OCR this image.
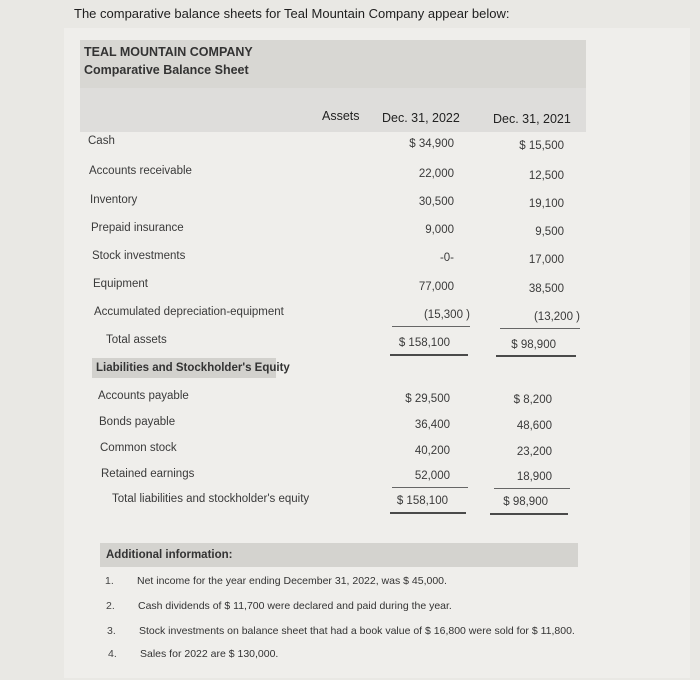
The comparative balance sheets for Teal Mountain Company appear below:
TEAL MOUNTAIN COMPANY
Comparative Balance Sheet
Assets Dec. 31, 2022	Dec. 31, 2021
Cash	$ 34,900	$ 15,500
Accounts receivable	22,000	12,500
Inventory	30,500	19,100
Prepaid insurance	9,000	9,500
Stock investments	-0-	17,000
Equipment	77,000	38,500
Accumulated depreciation-equipment	(15,300 )	(13,200 )
Total assets	$ 158,100	$ 98,900
Liabilities and Stockholder's Equity
Accounts payable	$ 29,500	$ 8,200
Bonds payable	36,400	48,600
Common stock	40,200	23,200
Retained earnings	52,000	18,900
Total liabilities and stockholder's equity	$ 158,100	$ 98,900
Additional information:
1. Net income for the year ending December 31, 2022, was $ 45,000.
2. Cash dividends of $ 11,700 were declared and paid during the year.
3. Stock investments on balance sheet that had a book value of $ 16,800 were sold for $ 11,800.
4. Sales for 2022 are $ 130,000.
